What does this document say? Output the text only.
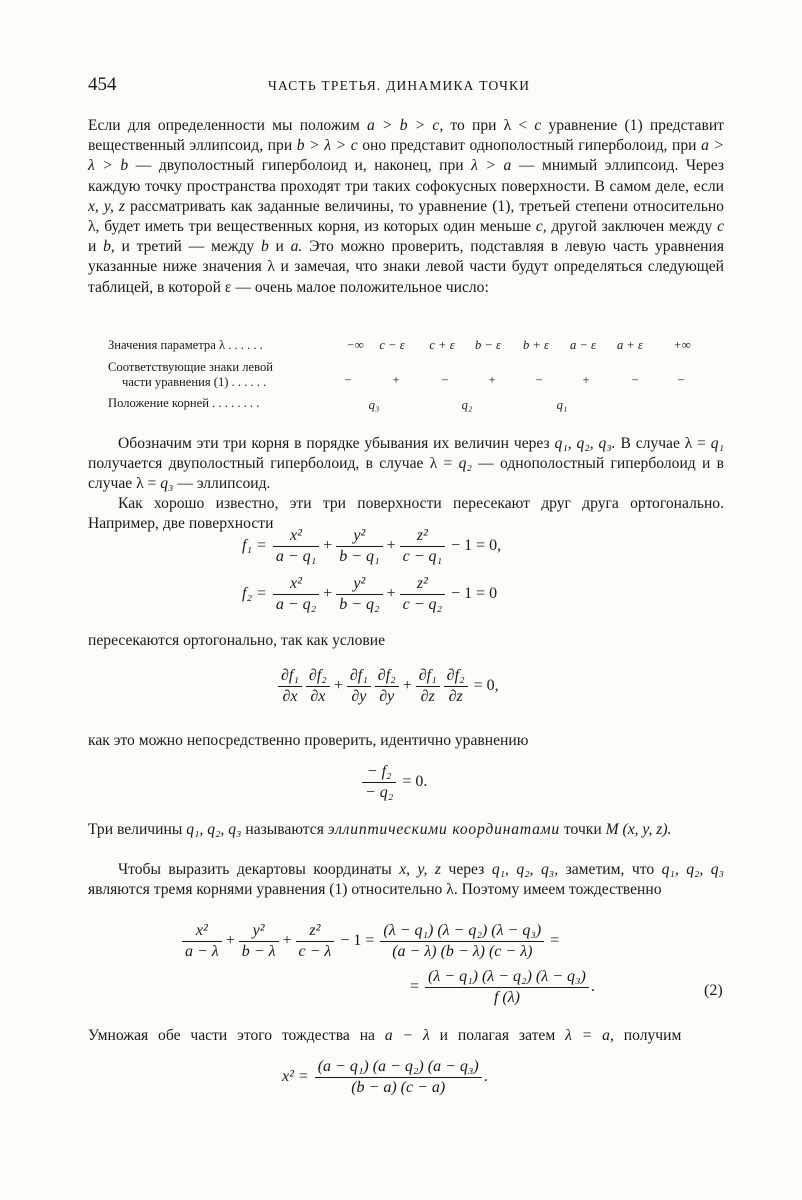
454	ЧАСТЬ ТРЕТЬЯ. ДИНАМИКА ТОЧКИ

Если для определенности мы положим a > b > c, то при λ < c уравнение (1) представит вещественный эллипсоид, при b > λ > c оно представит однополостный гиперболоид, при a > λ > b — двуполостный гиперболоид и, наконец, при λ > a — мнимый эллипсоид. Через каждую точку пространства проходят три таких софокусных поверхности. В самом деле, если x, y, z рассматривать как заданные величины, то уравнение (1), третьей степени относительно λ, будет иметь три вещественных корня, из которых один меньше c, другой заключен между c и b, и третий — между b и a. Это можно проверить, подставляя в левую часть уравнения указанные ниже значения λ и замечая, что знаки левой части будут определяться следующей таблицей, в которой ε — очень малое положительное число:

Значения параметра λ . . . . . .	−∞	c − ε	c + ε	b − ε	b + ε	a − ε	a + ε	+∞
Соответствующие знаки левой
части уравнения (1) . . . . . .	−	+	−	+	−	+	−	−
Положение корней . . . . . . . .	q₃	q₂	q₁

Обозначим эти три корня в порядке убывания их величин через q₁, q₂, q₃. В случае λ = q₁ получается двуполостный гиперболоид, в случае λ = q₂ — однополостный гиперболоид и в случае λ = q₃ — эллипсоид.

Как хорошо известно, эти три поверхности пересекают друг друга ортогонально. Например, две поверхности

$f_1 = \frac{\text{x²}}{\text{a − q₁}} + \frac{\text{y²}}{\text{b − q₁}} + \frac{\text{z²}}{\text{c − q₁}} - 1 = 0$,
$f_2 = \frac{\text{x²}}{\text{a − q₂}} + \frac{\text{y²}}{\text{b − q₂}} + \frac{\text{z²}}{\text{c − q₂}} - 1 = 0$

пересекаются ортогонально, так как условие

$\frac{\text{∂f₁}}{\partial x} \frac{\text{∂f₂}}{\partial x} + \frac{\text{∂f₁}}{\partial y} \frac{\text{∂f₂}}{\partial y} + \frac{\text{∂f₁}}{\partial z} \frac{\text{∂f₂}}{\partial z} = 0$,

как это можно непосредственно проверить, идентично уравнению

$\frac{\text{− f₂}}{\text{− q₂}} = 0$.

Три величины q₁, q₂, q₃ называются эллиптическими координатами точки M (x, y, z).

Чтобы выразить декартовы координаты x, y, z через q₁, q₂, q₃, заметим, что q₁, q₂, q₃ являются тремя корнями уравнения (1) относительно λ. Поэтому имеем тождественно

$\frac{\text{x²}}{a - \lambda} + \frac{\text{y²}}{b - \lambda} + \frac{\text{z²}}{c - \lambda} - 1 = \frac{\text{(λ − q₁) (λ − q₂) (λ − q₃)}}{(a - \lambda) (b - \lambda) (c - \lambda)}$ =
= $\frac{\text{(λ − q₁) (λ − q₂) (λ − q₃)}}{f (\lambda)}$ .	(2)

Умножая обе части этого тождества на a − λ и полагая затем λ = a, получим

$x^2 = \frac{\text{(a − q₁) (a − q₂) (a − q₃)}}{(b - a) (c - a)}$ .
